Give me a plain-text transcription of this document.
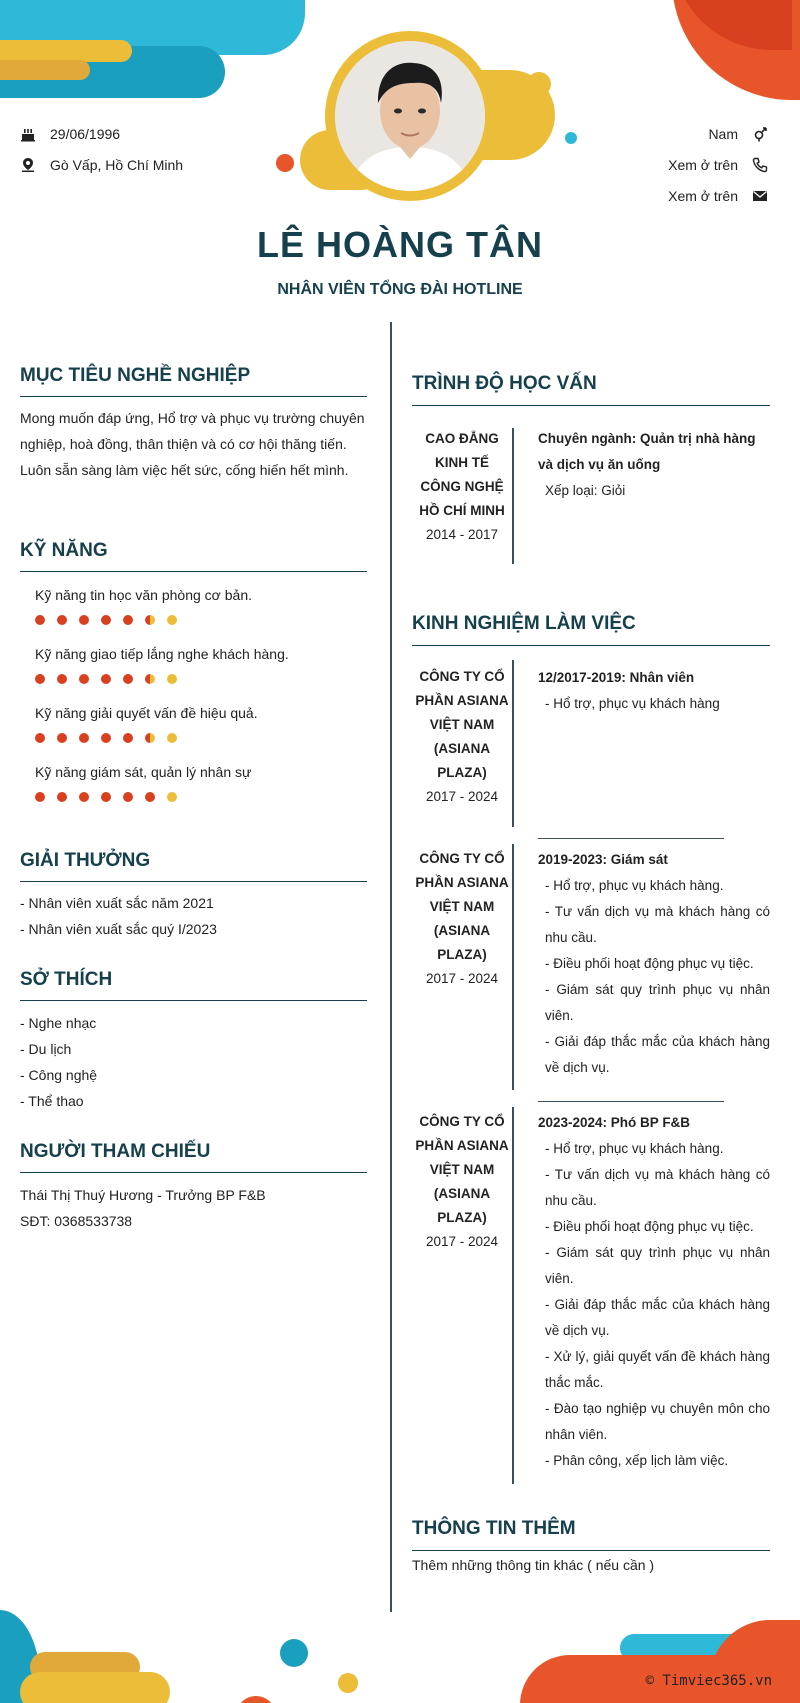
29/06/1996
Gò Vấp, Hồ Chí Minh
Nam
Xem ở trên
Xem ở trên
LÊ HOÀNG TÂN
NHÂN VIÊN TỔNG ĐÀI HOTLINE
MỤC TIÊU NGHỀ NGHIỆP
Mong muốn đáp ứng, Hổ trợ và phục vụ trường chuyên
nghiệp, hoà đồng, thân thiện và có cơ hội thăng tiến.
Luôn sẵn sàng làm việc hết sức, cống hiến hết mình.
KỸ NĂNG
Kỹ năng tin học văn phòng cơ bản.
Kỹ năng giao tiếp lắng nghe khách hàng.
Kỹ năng giải quyết vấn đề hiệu quả.
Kỹ năng giám sát, quản lý nhân sự
GIẢI THƯỞNG
- Nhân viên xuất sắc năm 2021
- Nhân viên xuất sắc quý I/2023
SỞ THÍCH
- Nghe nhạc
- Du lịch
- Công nghệ
- Thể thao
NGƯỜI THAM CHIẾU
Thái Thị Thuý Hương - Trưởng BP F&B
SĐT: 0368533738
TRÌNH ĐỘ HỌC VẤN
CAO ĐẲNG
KINH TẾ
CÔNG NGHỆ
HỒ CHÍ MINH
2014 - 2017
Chuyên ngành: Quản trị nhà hàng
và dịch vụ ăn uống
Xếp loại: Giỏi
KINH NGHIỆM LÀM VIỆC
CÔNG TY CỔ
PHẦN ASIANA
VIỆT NAM
(ASIANA
PLAZA)
2017 - 2024
12/2017-2019: Nhân viên
- Hổ trợ, phục vụ khách hàng
CÔNG TY CỔ
PHẦN ASIANA
VIỆT NAM
(ASIANA
PLAZA)
2017 - 2024
2019-2023: Giám sát
- Hổ trợ, phục vụ khách hàng.
- Tư vấn dịch vụ mà khách hàng có nhu cầu.
- Điều phối hoạt động phục vụ tiệc.
- Giám sát quy trình phục vụ nhân viên.
- Giải đáp thắc mắc của khách hàng về dịch vụ.
CÔNG TY CỔ
PHẦN ASIANA
VIỆT NAM
(ASIANA
PLAZA)
2017 - 2024
2023-2024: Phó BP F&B
- Hổ trợ, phục vụ khách hàng.
- Tư vấn dịch vụ mà khách hàng có nhu cầu.
- Điều phối hoạt động phục vụ tiệc.
- Giám sát quy trình phục vụ nhân viên.
- Giải đáp thắc mắc của khách hàng về dịch vụ.
- Xử lý, giải quyết vấn đề khách hàng thắc mắc.
- Đào tạo nghiệp vụ chuyên môn cho nhân viên.
- Phân công, xếp lịch làm việc.
THÔNG TIN THÊM
Thêm những thông tin khác ( nếu cần )
© Timviec365.vn
